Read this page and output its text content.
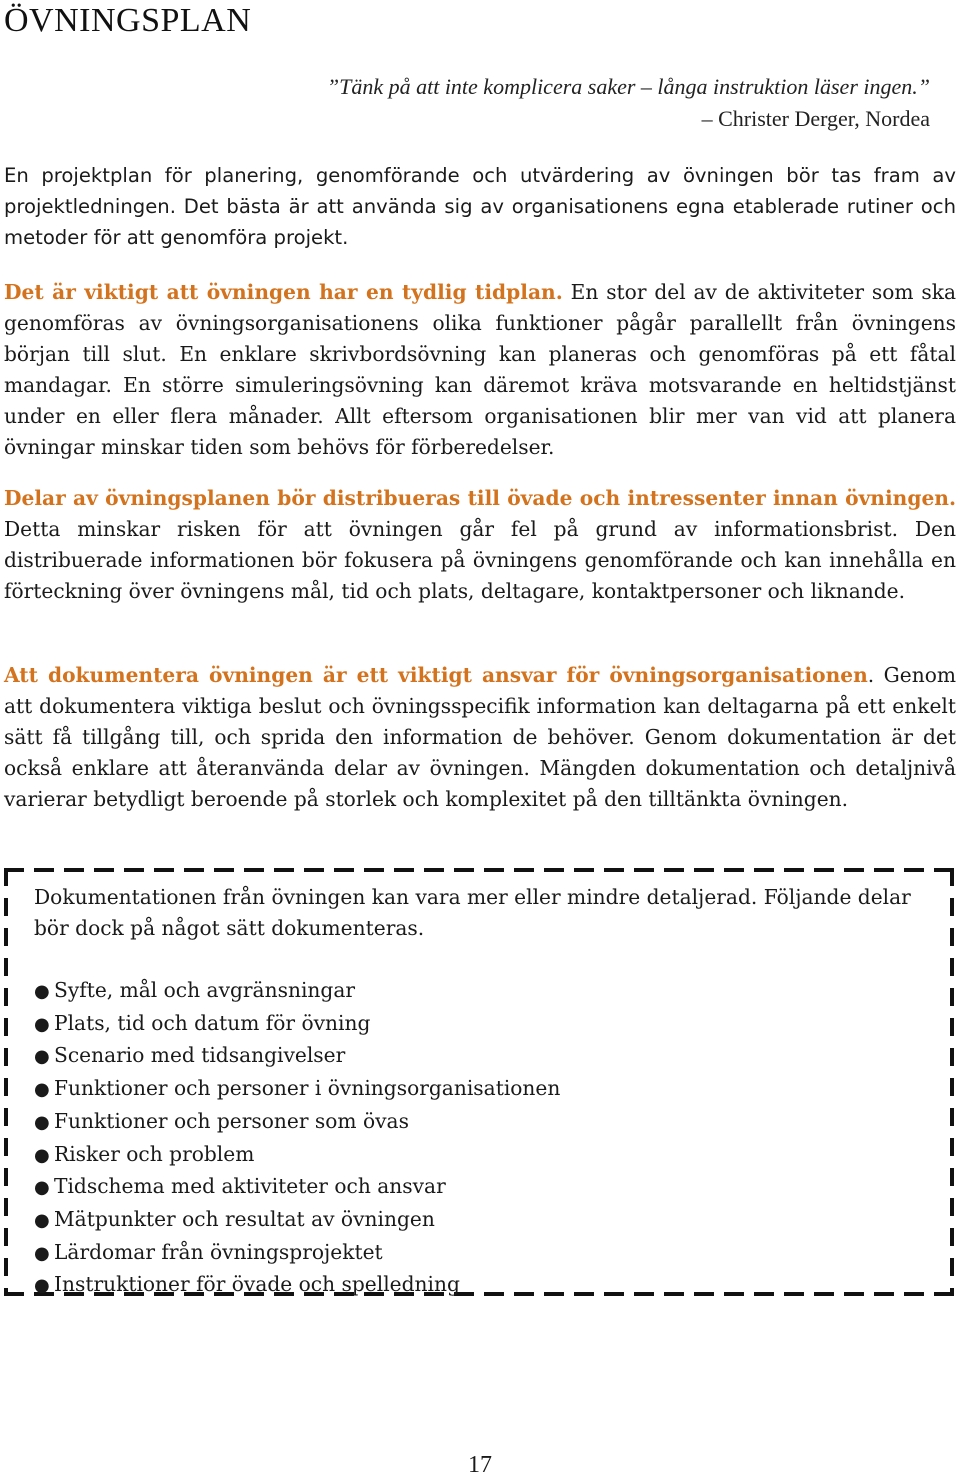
ÖVNINGSPLAN
”Tänk på att inte komplicera saker – långa instruktion läser ingen.”
– Christer Derger, Nordea

En projektplan för planering, genomförande och utvärdering av övningen bör tas fram av projektledningen. Det bästa är att använda sig av organisationens egna etablerade rutiner och metoder för att genomföra projekt.

Det är viktigt att övningen har en tydlig tidplan. En stor del av de aktiviteter som ska genomföras av övningsorganisationens olika funktioner pågår parallellt från övningens början till slut. En enklare skrivbordsövning kan planeras och genomföras på ett fåtal mandagar. En större simuleringsövning kan däremot kräva motsvarande en heltidstjänst under en eller flera månader. Allt eftersom organisationen blir mer van vid att planera övningar minskar tiden som behövs för förberedelser.

Delar av övningsplanen bör distribueras till övade och intressenter innan övningen. Detta minskar risken för att övningen går fel på grund av informationsbrist. Den distribuerade informationen bör fokusera på övningens genomförande och kan innehålla en förteckning över övningens mål, tid och plats, deltagare, kontaktpersoner och liknande.

Att dokumentera övningen är ett viktigt ansvar för övningsorganisationen. Genom att dokumentera viktiga beslut och övningsspecifik information kan deltagarna på ett enkelt sätt få tillgång till, och sprida den information de behöver. Genom dokumentation är det också enklare att återanvända delar av övningen. Mängden dokumentation och detaljnivå varierar betydligt beroende på storlek och komplexitet på den tilltänkta övningen.

Dokumentationen från övningen kan vara mer eller mindre detaljerad. Följande delar bör dock på något sätt dokumenteras.

● Syfte, mål och avgränsningar
● Plats, tid och datum för övning
● Scenario med tidsangivelser
● Funktioner och personer i övningsorganisationen
● Funktioner och personer som övas
● Risker och problem
● Tidschema med aktiviteter och ansvar
● Mätpunkter och resultat av övningen
● Lärdomar från övningsprojektet
● Instruktioner för övade och spelledning
17
